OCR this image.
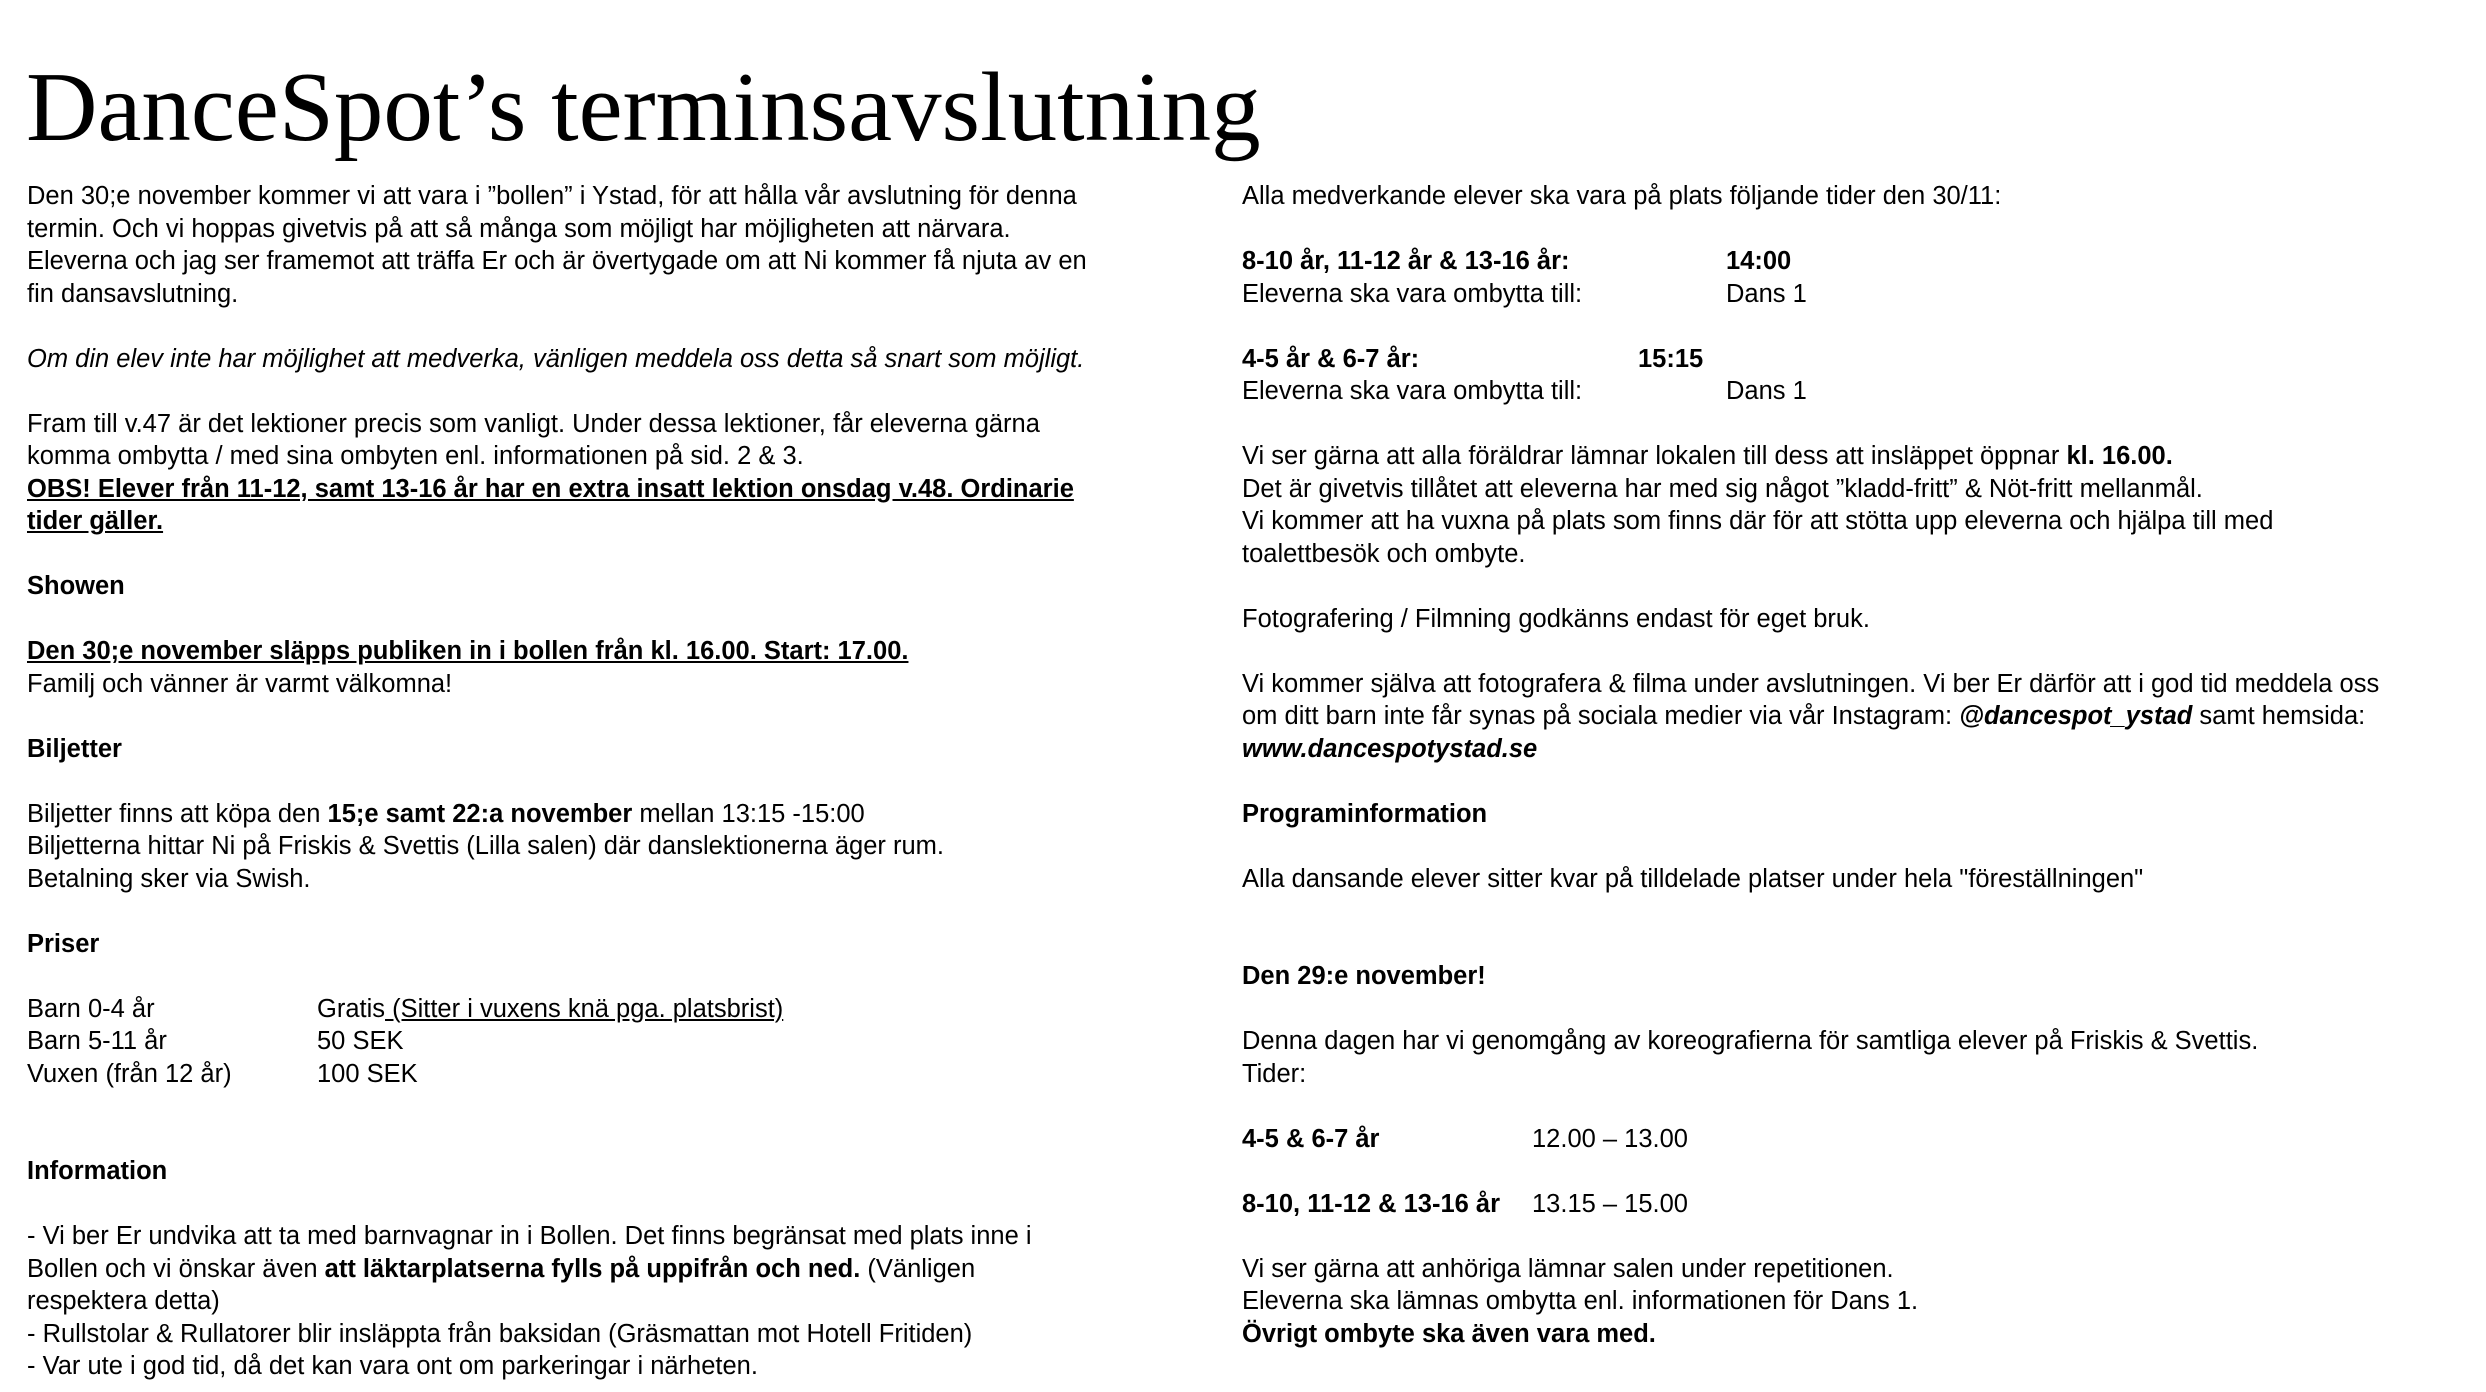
DanceSpot’s terminsavslutning

Den 30;e november kommer vi att vara i ”bollen” i Ystad, för att hålla vår avslutning för denna

termin. Och vi hoppas givetvis på att så många som möjligt har möjligheten att närvara.

Eleverna och jag ser framemot att träffa Er och är övertygade om att Ni kommer få njuta av en

fin dansavslutning.

Om din elev inte har möjlighet att medverka, vänligen meddela oss detta så snart som möjligt.

Fram till v.47 är det lektioner precis som vanligt. Under dessa lektioner, får eleverna gärna

komma ombytta / med sina ombyten enl. informationen på sid. 2 & 3.

OBS! Elever från 11-12, samt 13-16 år har en extra insatt lektion onsdag v.48. Ordinarie

tider gäller.

Showen

Den 30;e november släpps publiken in i bollen från kl. 16.00. Start: 17.00.

Familj och vänner är varmt välkomna!

Biljetter

Biljetter finns att köpa den 15;e samt 22:a november mellan 13:15 -15:00

Biljetterna hittar Ni på Friskis & Svettis (Lilla salen) där danslektionerna äger rum.

Betalning sker via Swish.

Priser

Barn 0-4 år	Gratis (Sitter i vuxens knä pga. platsbrist)
Barn 5-11 år	50 SEK
Vuxen (från 12 år)	100 SEK

Information

- Vi ber Er undvika att ta med barnvagnar in i Bollen. Det finns begränsat med plats inne i

Bollen och vi önskar även att läktarplatserna fylls på uppifrån och ned. (Vänligen

respektera detta)

- Rullstolar & Rullatorer blir insläppta från baksidan (Gräsmattan mot Hotell Fritiden)

- Var ute i god tid, då det kan vara ont om parkeringar i närheten.

Alla medverkande elever ska vara på plats följande tider den 30/11:

8-10 år, 11-12 år & 13-16 år:	14:00
Eleverna ska vara ombytta till:	Dans 1
4-5 år & 6-7 år:	15:15
Eleverna ska vara ombytta till:	Dans 1

Vi ser gärna att alla föräldrar lämnar lokalen till dess att insläppet öppnar kl. 16.00.

Det är givetvis tillåtet att eleverna har med sig något ”kladd-fritt” & Nöt-fritt mellanmål.

Vi kommer att ha vuxna på plats som finns där för att stötta upp eleverna och hjälpa till med

toalettbesök och ombyte.

Fotografering / Filmning godkänns endast för eget bruk.

Vi kommer själva att fotografera & filma under avslutningen. Vi ber Er därför att i god tid meddela oss

om ditt barn inte får synas på sociala medier via vår Instagram: @dancespot_ystad samt hemsida:

www.dancespotystad.se

Programinformation

Alla dansande elever sitter kvar på tilldelade platser under hela "föreställningen"

Den 29:e november!

Denna dagen har vi genomgång av koreografierna för samtliga elever på Friskis & Svettis.

Tider:

4-5 & 6-7 år	12.00 – 13.00
8-10, 11-12 & 13-16 år	13.15 – 15.00

Vi ser gärna att anhöriga lämnar salen under repetitionen.

Eleverna ska lämnas ombytta enl. informationen för Dans 1.

Övrigt ombyte ska även vara med.
